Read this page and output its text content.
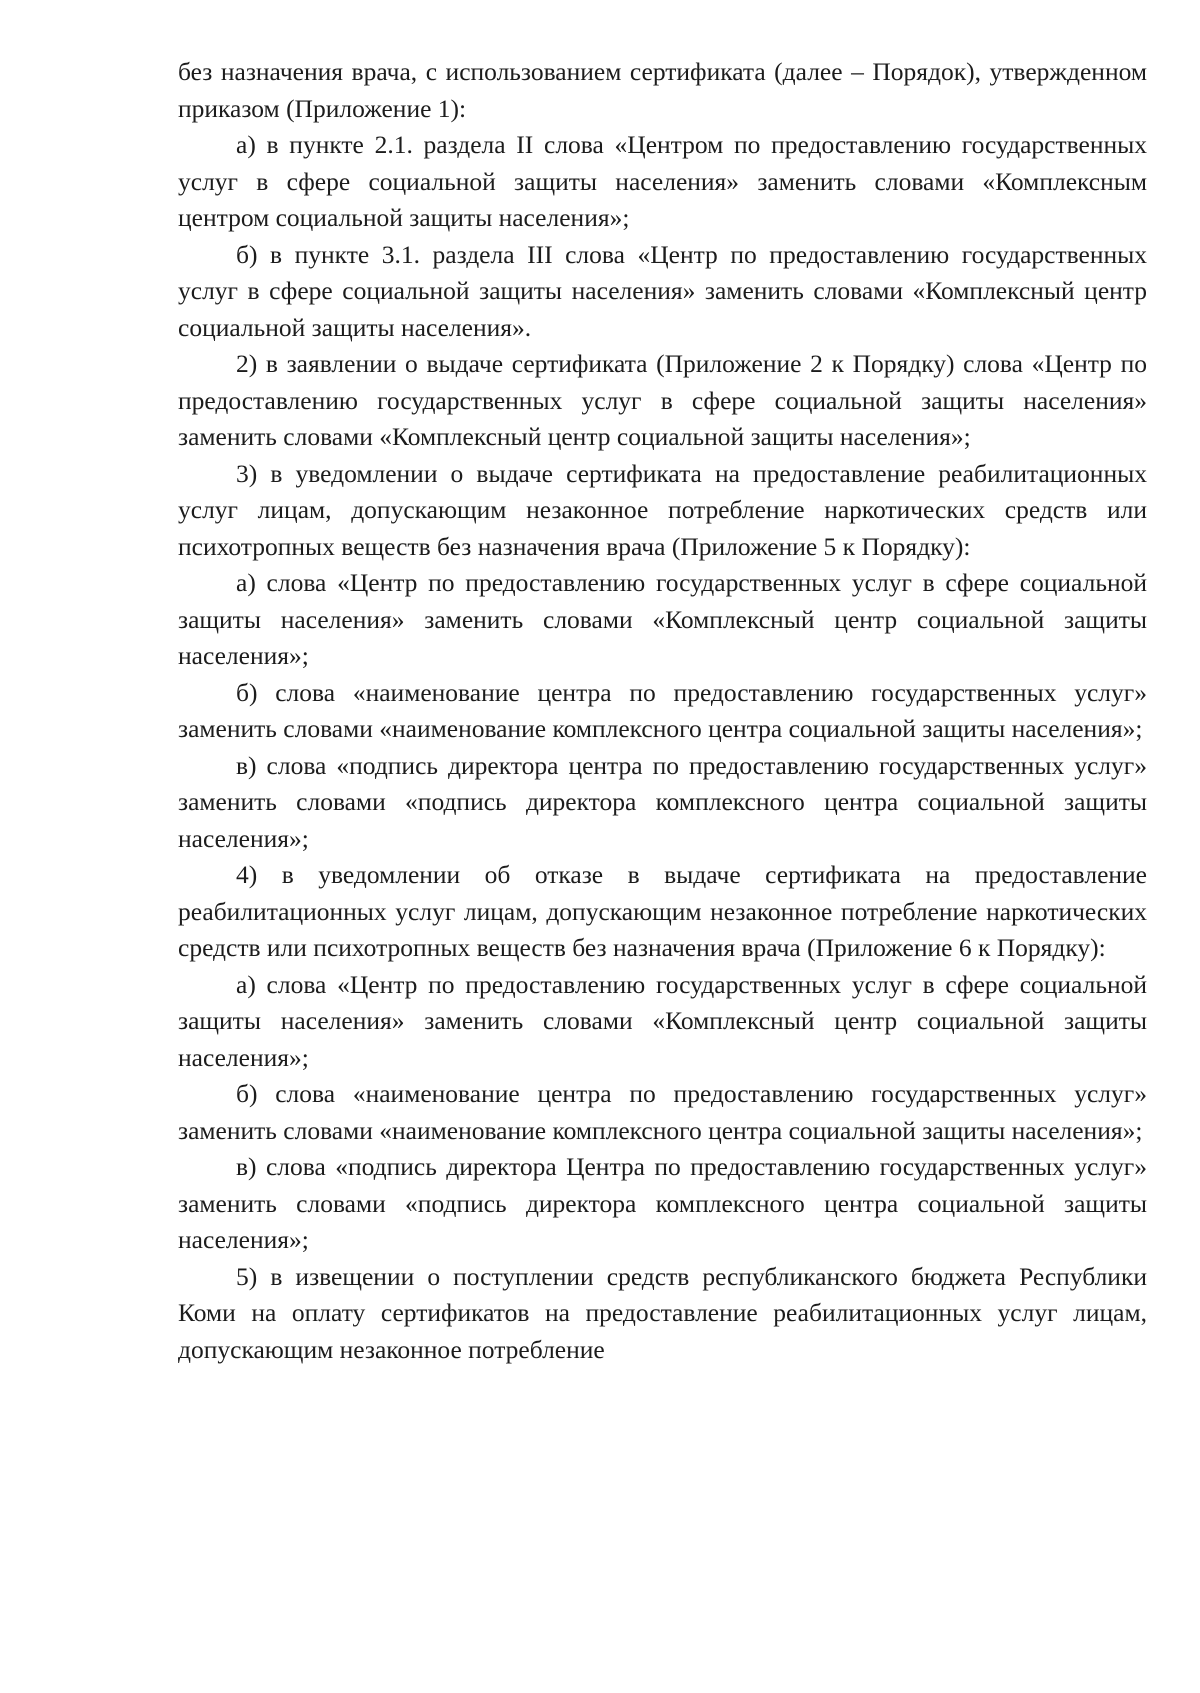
без назначения врача, с использованием сертификата (далее – Порядок), утвержденном приказом (Приложение 1):

а) в пункте 2.1. раздела II слова «Центром по предоставлению государственных услуг в сфере социальной защиты населения» заменить словами «Комплексным центром социальной защиты населения»;

б) в пункте 3.1. раздела III слова «Центр по предоставлению государственных услуг в сфере социальной защиты населения» заменить словами «Комплексный центр социальной защиты населения».

2) в заявлении о выдаче сертификата (Приложение 2 к Порядку) слова «Центр по предоставлению государственных услуг в сфере социальной защиты населения» заменить словами «Комплексный центр социальной защиты населения»;

3) в уведомлении о выдаче сертификата на предоставление реабилитационных услуг лицам, допускающим незаконное потребление наркотических средств или психотропных веществ без назначения врача (Приложение 5 к Порядку):

а) слова «Центр по предоставлению государственных услуг в сфере социальной защиты населения» заменить словами «Комплексный центр социальной защиты населения»;

б) слова «наименование центра по предоставлению государственных услуг» заменить словами «наименование комплексного центра социальной защиты населения»;

в) слова «подпись директора центра по предоставлению государственных услуг» заменить словами «подпись директора комплексного центра социальной защиты населения»;

4) в уведомлении об отказе в выдаче сертификата на предоставление реабилитационных услуг лицам, допускающим незаконное потребление наркотических средств или психотропных веществ без назначения врача (Приложение 6 к Порядку):

а) слова «Центр по предоставлению государственных услуг в сфере социальной защиты населения» заменить словами «Комплексный центр социальной защиты населения»;

б) слова «наименование центра по предоставлению государственных услуг» заменить словами «наименование комплексного центра социальной защиты населения»;

в) слова «подпись директора Центра по предоставлению государственных услуг» заменить словами «подпись директора комплексного центра социальной защиты населения»;

5) в извещении о поступлении средств республиканского бюджета Республики Коми на оплату сертификатов на предоставление реабилитационных услуг лицам, допускающим незаконное потребление
